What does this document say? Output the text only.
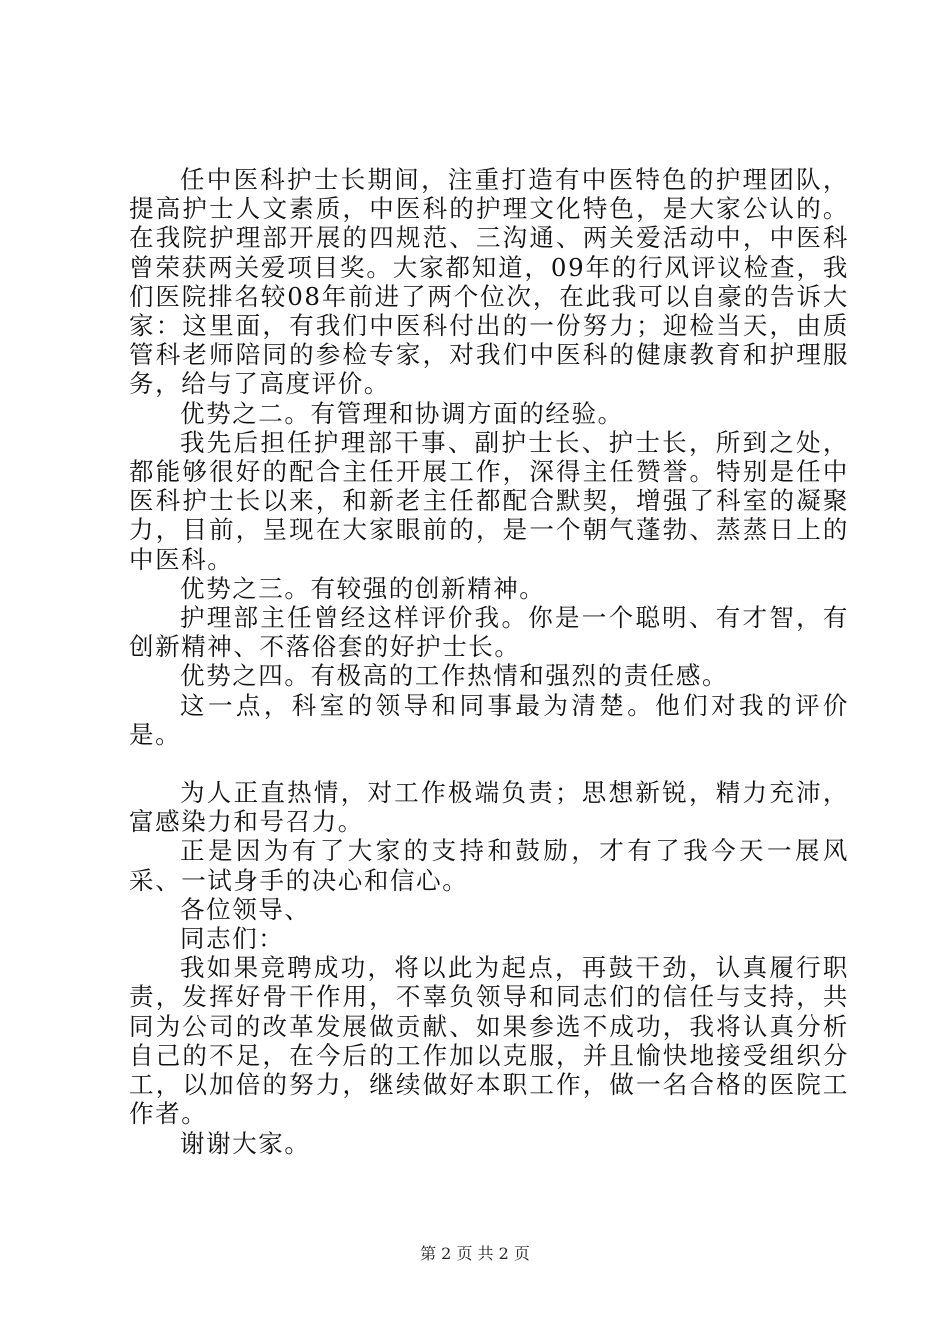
任中医科护士长期间，注重打造有中医特色的护理团队，提高护士人文素质，中医科的护理文化特色，是大家公认的。在我院护理部开展的四规范、三沟通、两关爱活动中，中医科曾荣获两关爱项目奖。大家都知道，09年的行风评议检查，我们医院排名较08年前进了两个位次，在此我可以自豪的告诉大家：这里面，有我们中医科付出的一份努力；迎检当天，由质管科老师陪同的参检专家，对我们中医科的健康教育和护理服务，给与了高度评价。

优势之二。有管理和协调方面的经验。

我先后担任护理部干事、副护士长、护士长，所到之处，都能够很好的配合主任开展工作，深得主任赞誉。特别是任中医科护士长以来，和新老主任都配合默契，增强了科室的凝聚力，目前，呈现在大家眼前的，是一个朝气蓬勃、蒸蒸日上的中医科。

优势之三。有较强的创新精神。

护理部主任曾经这样评价我。你是一个聪明、有才智，有创新精神、不落俗套的好护士长。

优势之四。有极高的工作热情和强烈的责任感。

这一点，科室的领导和同事最为清楚。他们对我的评价是。

为人正直热情，对工作极端负责；思想新锐，精力充沛，富感染力和号召力。

正是因为有了大家的支持和鼓励，才有了我今天一展风采、一试身手的决心和信心。

各位领导、

同志们：

我如果竞聘成功，将以此为起点，再鼓干劲，认真履行职责，发挥好骨干作用，不辜负领导和同志们的信任与支持，共同为公司的改革发展做贡献、如果参选不成功，我将认真分析自己的不足，在今后的工作加以克服，并且愉快地接受组织分工，以加倍的努力，继续做好本职工作，做一名合格的医院工作者。

谢谢大家。

第 2 页 共 2 页
